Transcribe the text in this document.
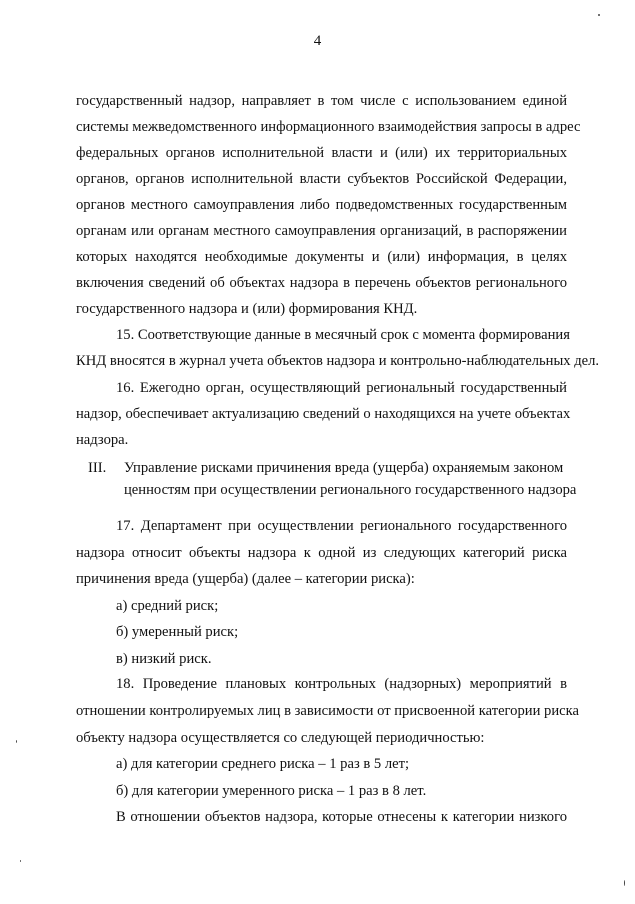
4
государственный надзор, направляет в том числе с использованием единой
системы межведомственного информационного взаимодействия запросы в адрес
федеральных органов исполнительной власти и (или) их территориальных
органов, органов исполнительной власти субъектов Российской Федерации,
органов местного самоуправления либо подведомственных государственным
органам или органам местного самоуправления организаций, в распоряжении
которых находятся необходимые документы и (или) информация, в целях
включения сведений об объектах надзора в перечень объектов регионального
государственного надзора и (или) формирования КНД.
15. Соответствующие данные в месячный срок с момента формирования
КНД вносятся в журнал учета объектов надзора и контрольно-наблюдательных дел.
16. Ежегодно орган, осуществляющий региональный государственный
надзор, обеспечивает актуализацию сведений о находящихся на учете объектах
надзора.
III. Управление рисками причинения вреда (ущерба) охраняемым законом
ценностям при осуществлении регионального государственного надзора
17. Департамент при осуществлении регионального государственного
надзора относит объекты надзора к одной из следующих категорий риска
причинения вреда (ущерба) (далее – категории риска):
а) средний риск;
б) умеренный риск;
в) низкий риск.
18. Проведение плановых контрольных (надзорных) мероприятий в
отношении контролируемых лиц в зависимости от присвоенной категории риска
объекту надзора осуществляется со следующей периодичностью:
а) для категории среднего риска – 1 раз в 5 лет;
б) для категории умеренного риска – 1 раз в 8 лет.
В отношении объектов надзора, которые отнесены к категории низкого
